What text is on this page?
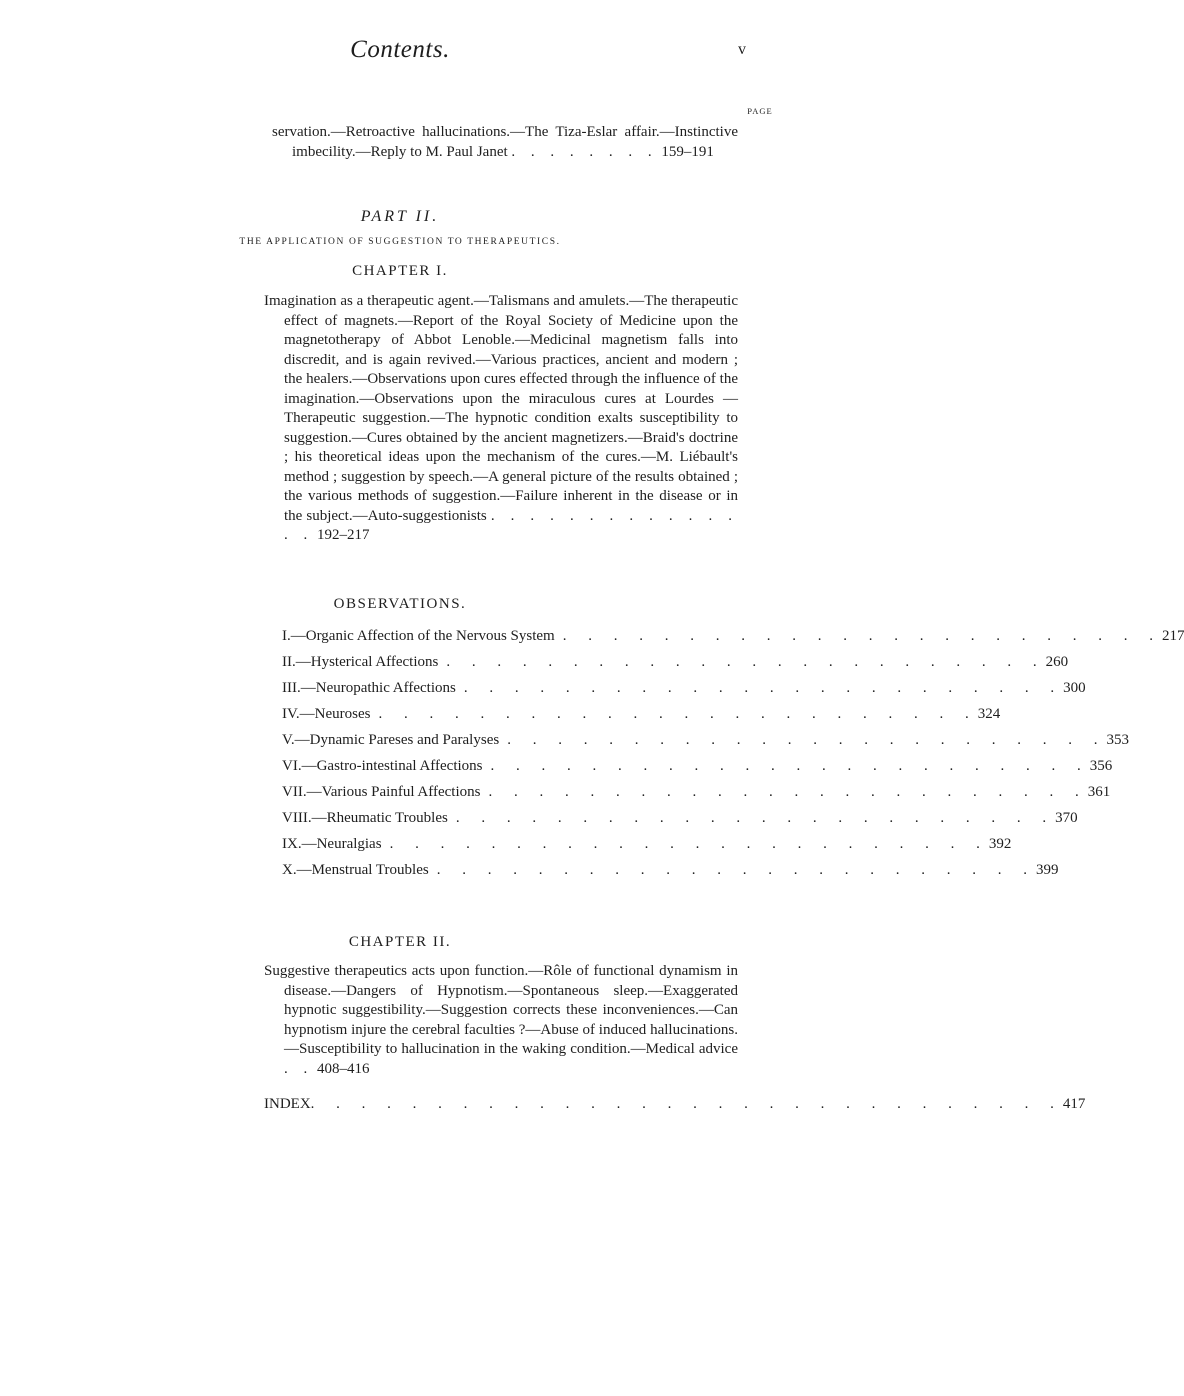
Contents.	v
PAGE

servation.—Retroactive hallucinations.—The Tiza-Eslar affair.—Instinctive imbecility.—Reply to M. Paul Janet . . . . . . . . 159–191

PART II.
THE APPLICATION OF SUGGESTION TO THERAPEUTICS.
CHAPTER I.

Imagination as a therapeutic agent.—Talismans and amulets.—The therapeutic effect of magnets.—Report of the Royal Society of Medicine upon the magnetotherapy of Abbot Lenoble.—Medicinal magnetism falls into discredit, and is again revived.—Various practices, ancient and modern ; the healers.—Observations upon cures effected through the influence of the imagination.—Observations upon the miraculous cures at Lourdes —Therapeutic suggestion.—The hypnotic condition exalts susceptibility to suggestion.—Cures obtained by the ancient magnetizers.—Braid's doctrine ; his theoretical ideas upon the mechanism of the cures.—M. Liébault's method ; suggestion by speech.—A general picture of the results obtained ; the various methods of suggestion.—Failure inherent in the disease or in the subject.—Auto-suggestionists . . . . . . . . . . . . . . . 192–217

OBSERVATIONS.
I. — Organic Affection of the Nervous System . . . . . . . . . . . . . . . . . . . . . . . . 217
II. — Hysterical Affections . . . . . . . . . . . . . . . . . . . . . . . . 260
III. — Neuropathic Affections . . . . . . . . . . . . . . . . . . . . . . . . 300
IV. — Neuroses . . . . . . . . . . . . . . . . . . . . . . . . 324
V. — Dynamic Pareses and Paralyses . . . . . . . . . . . . . . . . . . . . . . . . 353
VI. — Gastro-intestinal Affections . . . . . . . . . . . . . . . . . . . . . . . . 356
VII. — Various Painful Affections . . . . . . . . . . . . . . . . . . . . . . . . 361
VIII. — Rheumatic Troubles . . . . . . . . . . . . . . . . . . . . . . . . 370
IX. — Neuralgias . . . . . . . . . . . . . . . . . . . . . . . . 392
X. — Menstrual Troubles . . . . . . . . . . . . . . . . . . . . . . . . 399
CHAPTER II.

Suggestive therapeutics acts upon function.—Rôle of functional dynamism in disease.—Dangers of Hypnotism.—Spontaneous sleep.—Exaggerated hypnotic suggestibility.—Suggestion corrects these inconveniences.—Can hypnotism injure the cerebral faculties ?—Abuse of induced hallucinations.—Susceptibility to hallucination in the waking condition.—Medical advice . . 408–416

INDEX . . . . . . . . . . . . . . . . . . . . . . . . . . . . . . 417
